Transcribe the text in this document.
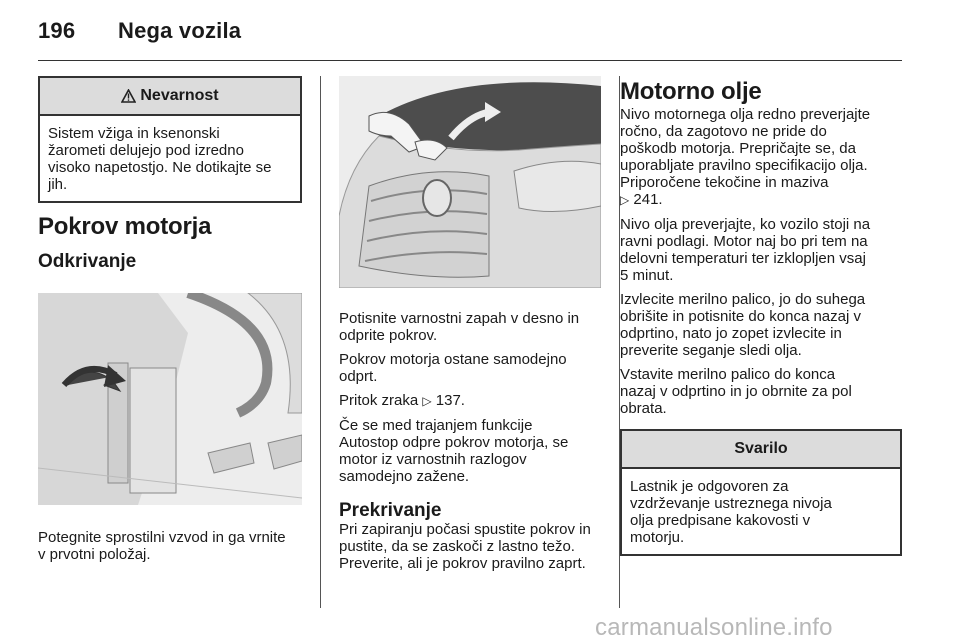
196 Nega vozila
Nevarnost
Sistem vžiga in ksenonski
žarometi delujejo pod izredno
visoko napetostjo. Ne dotikajte se
jih.
Pokrov motorja
Odkrivanje
Potegnite sprostilni vzvod in ga vrnite
v prvotni položaj.
Potisnite varnostni zapah v desno in
odprite pokrov.
Pokrov motorja ostane samodejno
odprt.
Pritok zraka ▷ 137.
Če se med trajanjem funkcije
Autostop odpre pokrov motorja, se
motor iz varnostnih razlogov
samodejno zažene.
Prekrivanje
Pri zapiranju počasi spustite pokrov in
pustite, da se zaskoči z lastno težo.
Preverite, ali je pokrov pravilno zaprt.
Motorno olje
Nivo motornega olja redno preverjajte
ročno, da zagotovo ne pride do
poškodb motorja. Prepričajte se, da
uporabljate pravilno specifikacijo olja.
Priporočene tekočine in maziva
▷ 241.
Nivo olja preverjajte, ko vozilo stoji na
ravni podlagi. Motor naj bo pri tem na
delovni temperaturi ter izklopljen vsaj
5 minut.
Izvlecite merilno palico, jo do suhega
obrišite in potisnite do konca nazaj v
odprtino, nato jo zopet izvlecite in
preverite seganje sledi olja.
Vstavite merilno palico do konca
nazaj v odprtino in jo obrnite za pol
obrata.
Svarilo
Lastnik je odgovoren za
vzdrževanje ustreznega nivoja
olja predpisane kakovosti v
motorju.
carmanualsonline.info
